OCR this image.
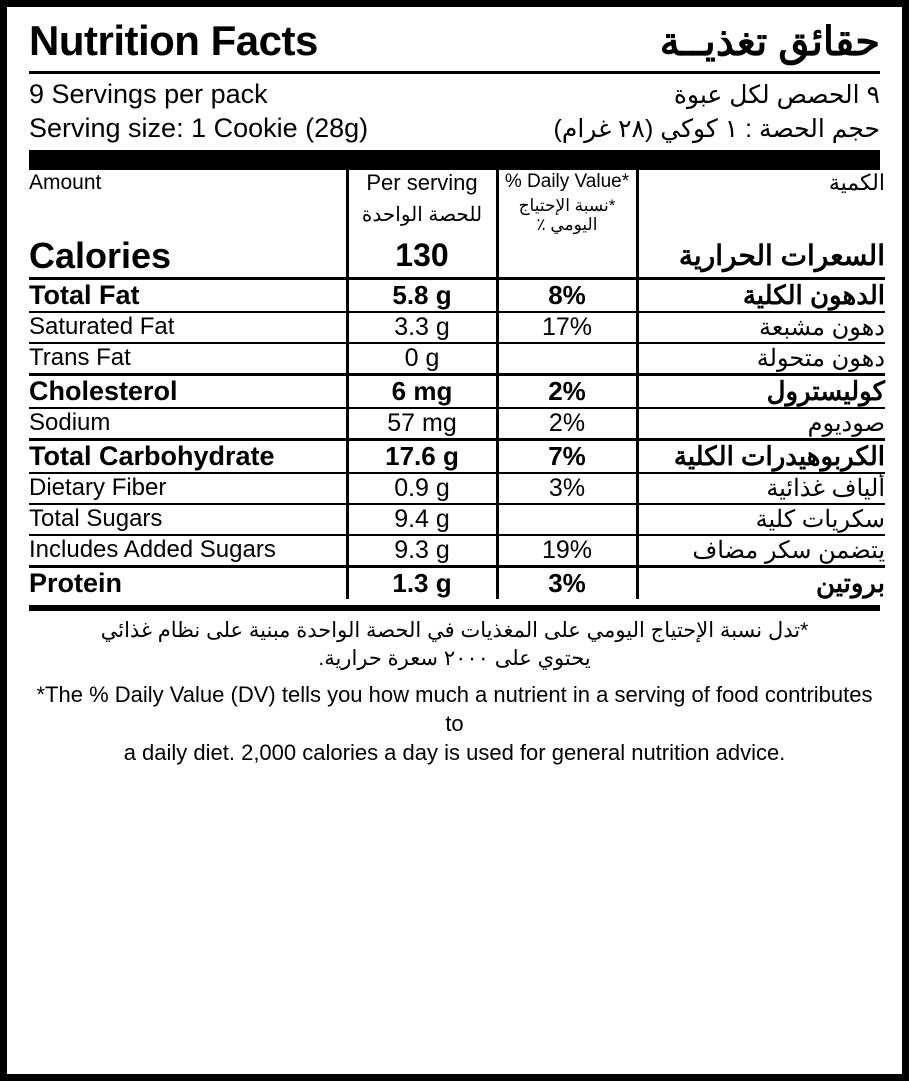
Nutrition Facts	حقائق تغذيــة
9 Servings per pack	٩ الحصص لكل عبوة
Serving size: 1 Cookie (28g)	حجم الحصة : ١ كوكي (٢٨ غرام)
Amount	Per serving	% Daily Value*	الكمية
	للحصة الواحدة	*نسبة الإحتياج اليومي ٪	
Calories	130		السعرات الحرارية
Total Fat	5.8 g	8%	الدهون الكلية
Saturated Fat	3.3 g	17%	دهون مشبعة
Trans Fat	0 g		دهون متحولة
Cholesterol	6 mg	2%	كوليسترول
Sodium	57 mg	2%	صوديوم
Total Carbohydrate	17.6 g	7%	الكربوهيدرات الكلية
Dietary Fiber	0.9 g	3%	ألياف غذائية
Total Sugars	9.4 g		سكريات كلية
Includes Added Sugars	9.3 g	19%	يتضمن سكر مضاف
Protein	1.3 g	3%	بروتين
*تدل نسبة الإحتياج اليومي على المغذيات في الحصة الواحدة مبنية على نظام غذائي
يحتوي على ٢٠٠٠ سعرة حرارية.
*The % Daily Value (DV) tells you how much a nutrient in a serving of food contributes to
a daily diet. 2,000 calories a day is used for general nutrition advice.
